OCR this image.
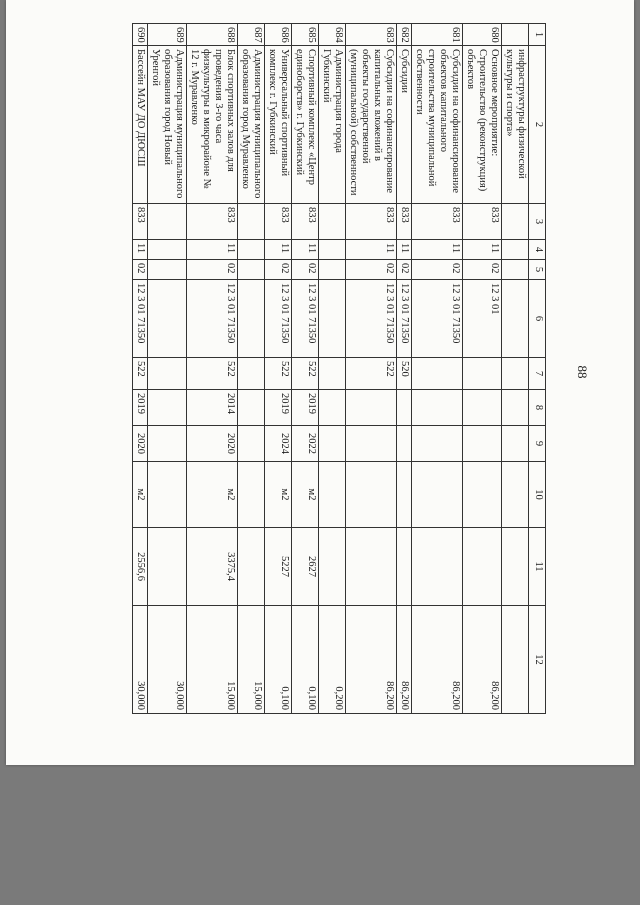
88
1	2	3	4	5	6	7	8	9	10	11	12
	инфраструктуры физической культуры и спорта»										
680	Основное мероприятие: Строительство (реконструкция) объектов	833	11	02	12 3 01						86,200
681	Субсидии на софинансирование объектов капитального строительства муниципальной собственности	833	11	02	12 3 01 71350						86,200
682	Субсидии	833	11	02	12 3 01 71350	520					86,200
683	Субсидии на софинансирование капитальных вложений в объекты государственной (муниципальной) собственности	833	11	02	12 3 01 71350	522					86,200
684	Администрация города Губкинский										0,200
685	Спортивный комплекс «Центр единоборств» г. Губкинский	833	11	02	12 3 01 71350	522	2019	2022	м2	2627	0,100
686	Универсальный спортивный комплекс г. Губкинский	833	11	02	12 3 01 71350	522	2019	2024	м2	5227	0,100
687	Администрация муниципального образования город Муравленко										15,000
688	Блок спортивных залов для проведения 3-го часа физкультуры в микрорайоне № 12 г. Муравленко	833	11	02	12 3 01 71350	522	2014	2020	м2	3375,4	15,000
689	Администрация муниципального образования город Новый Уренгой										30,000
690	Бассейн МАУ ДО ДЮСШ	833	11	02	12 3 01 71350	522	2019	2020	м2	2556,6	30,000
